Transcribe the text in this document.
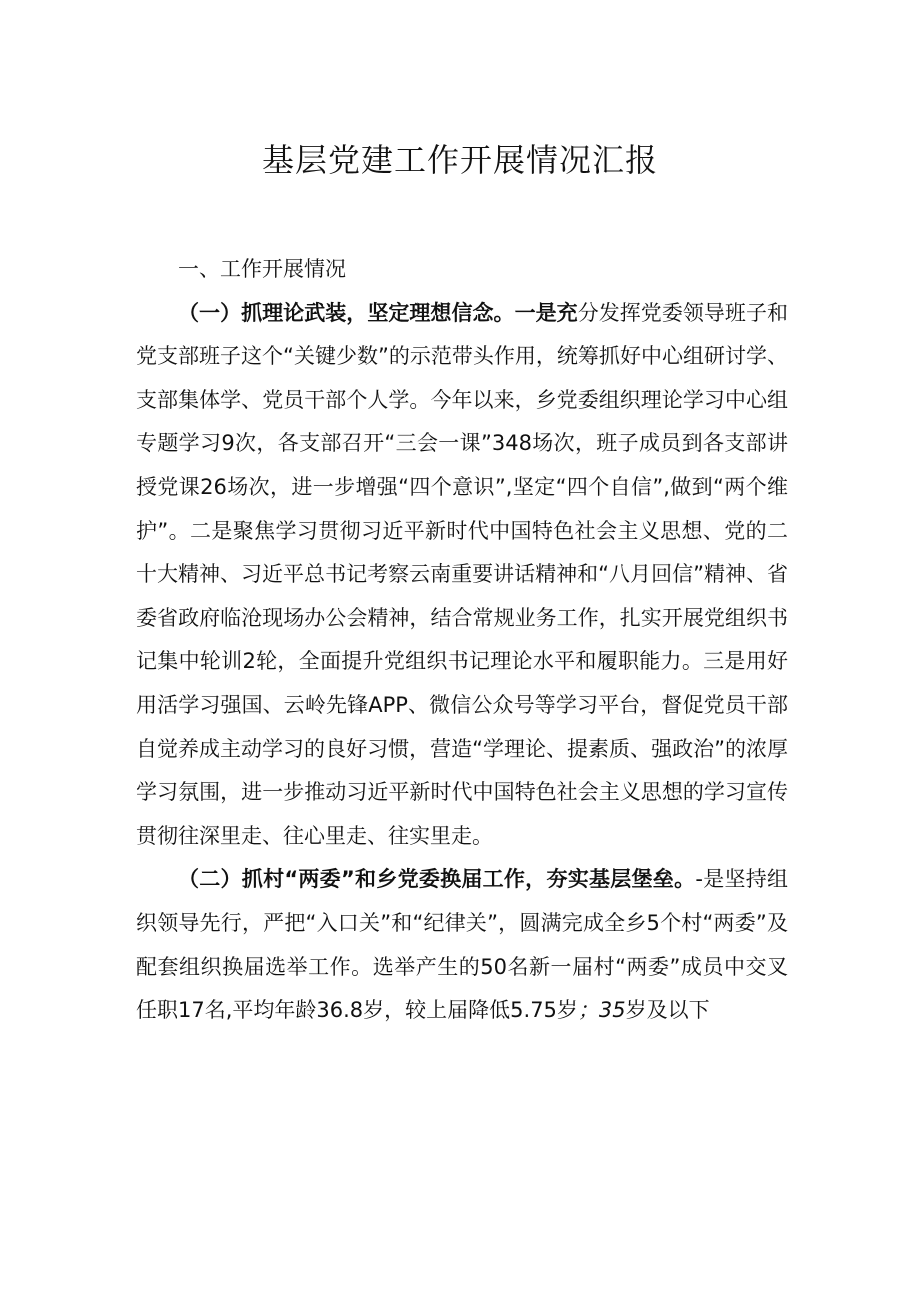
基层党建工作开展情况汇报

一、工作开展情况

（一）抓理论武装，坚定理想信念。一是充分发挥党委领导班子和党支部班子这个“关键少数”的示范带头作用，统筹抓好中心组研讨学、支部集体学、党员干部个人学。今年以来，乡党委组织理论学习中心组专题学习9次，各支部召开“三会一课”348场次，班子成员到各支部讲授党课26场次，进一步增强“四个意识”,坚定“四个自信”,做到“两个维护”。二是聚焦学习贯彻习近平新时代中国特色社会主义思想、党的二十大精神、习近平总书记考察云南重要讲话精神和“八月回信”精神、省委省政府临沧现场办公会精神，结合常规业务工作，扎实开展党组织书记集中轮训2轮，全面提升党组织书记理论水平和履职能力。三是用好用活学习强国、云岭先锋APP、微信公众号等学习平台，督促党员干部自觉养成主动学习的良好习惯，营造“学理论、提素质、强政治”的浓厚学习氛围，进一步推动习近平新时代中国特色社会主义思想的学习宣传贯彻往深里走、往心里走、往实里走。

（二）抓村“两委”和乡党委换届工作，夯实基层堡垒。-是坚持组织领导先行，严把“入口关”和“纪律关”，圆满完成全乡5个村“两委”及配套组织换届选举工作。选举产生的50名新一届村“两委”成员中交叉任职17名,平均年龄36.8岁，较上届降低5.75岁；35岁及以下
